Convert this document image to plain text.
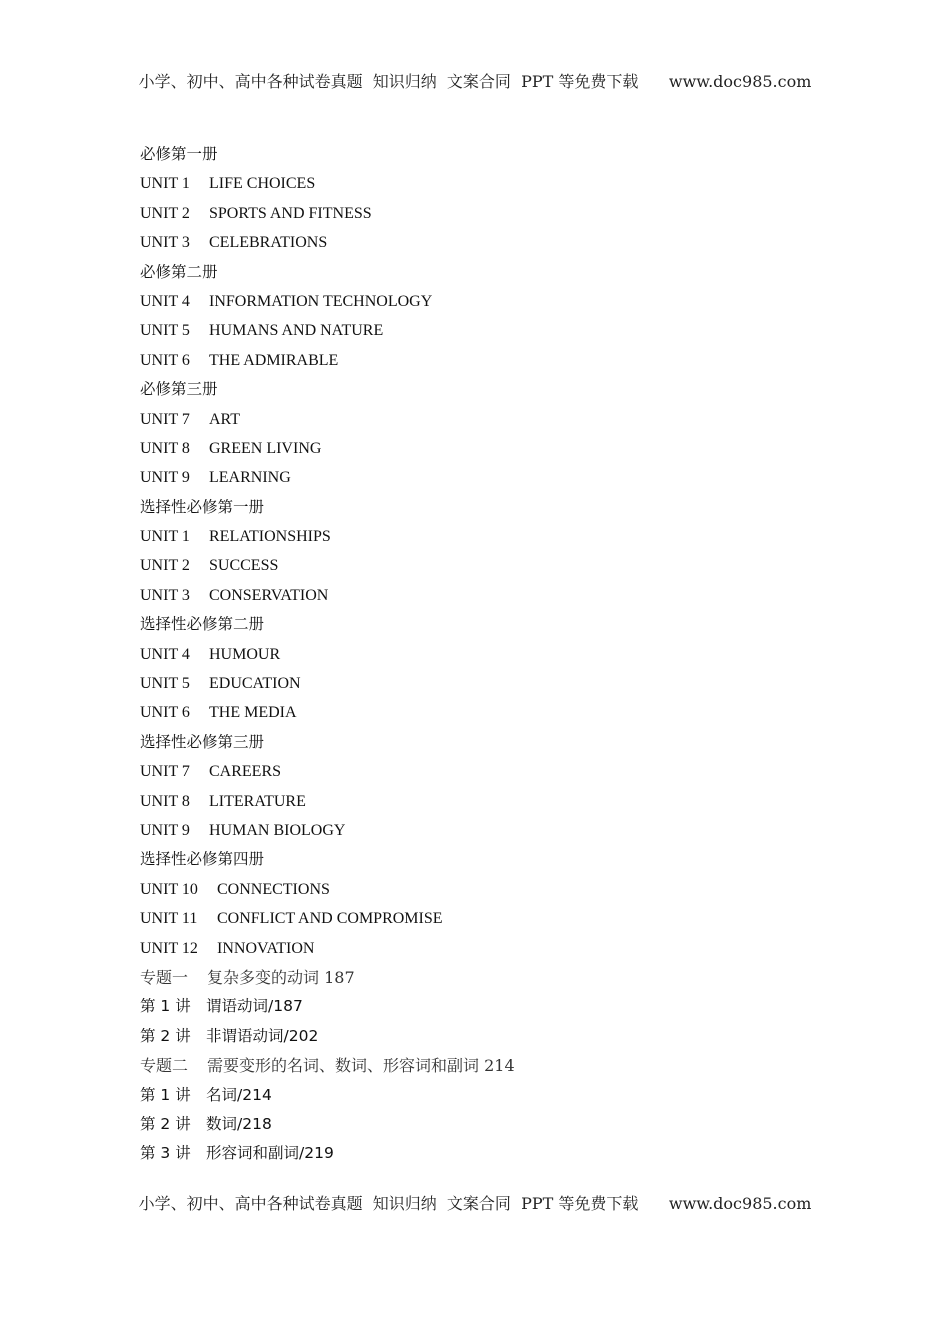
小学、初中、高中各种试卷真题  知识归纳  文案合同  PPT 等免费下载      www.doc985.com
必修第一册
UNIT 1 LIFE CHOICES
UNIT 2 SPORTS AND FITNESS
UNIT 3 CELEBRATIONS
必修第二册
UNIT 4 INFORMATION TECHNOLOGY
UNIT 5 HUMANS AND NATURE
UNIT 6 THE ADMIRABLE
必修第三册
UNIT 7 ART
UNIT 8 GREEN LIVING
UNIT 9 LEARNING
选择性必修第一册
UNIT 1 RELATIONSHIPS
UNIT 2 SUCCESS
UNIT 3 CONSERVATION
选择性必修第二册
UNIT 4 HUMOUR
UNIT 5 EDUCATION
UNIT 6 THE MEDIA
选择性必修第三册
UNIT 7 CAREERS
UNIT 8 LITERATURE
UNIT 9 HUMAN BIOLOGY
选择性必修第四册
UNIT 10 CONNECTIONS
UNIT 11 CONFLICT AND COMPROMISE
UNIT 12 INNOVATION
专题一 复杂多变的动词 187
第 1 讲 谓语动词/187
第 2 讲 非谓语动词/202
专题二 需要变形的名词、数词、形容词和副词 214
第 1 讲 名词/214
第 2 讲 数词/218
第 3 讲 形容词和副词/219
小学、初中、高中各种试卷真题  知识归纳  文案合同  PPT 等免费下载      www.doc985.com
